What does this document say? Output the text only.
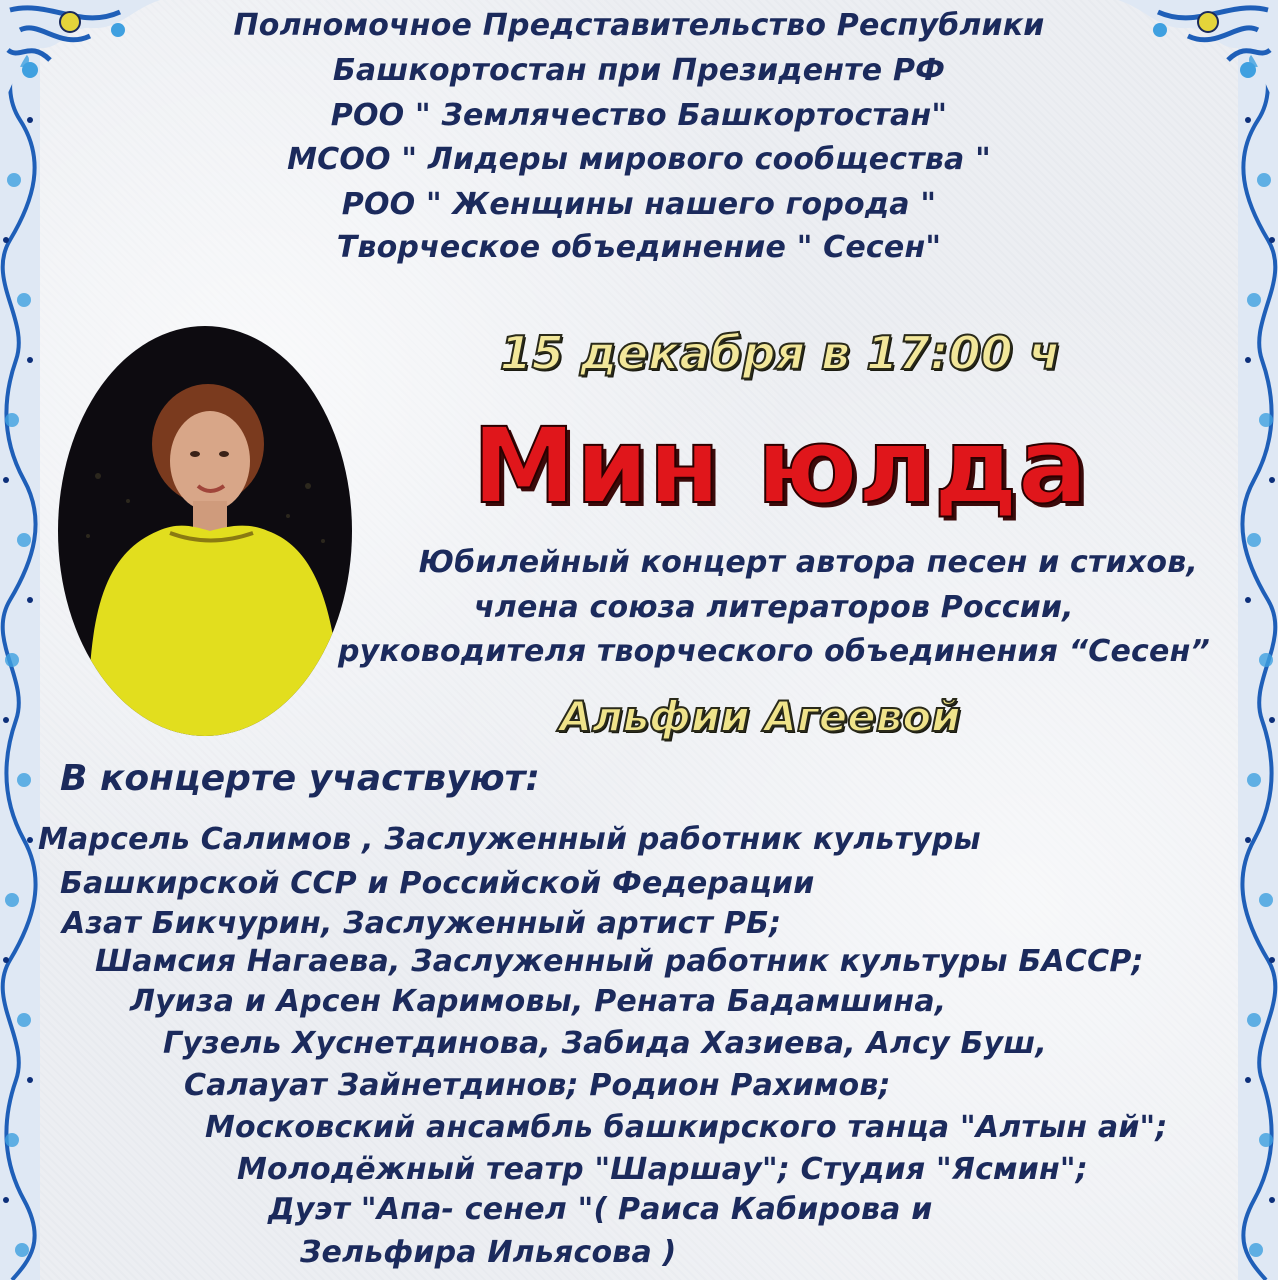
Полномочное Представительство Республики

Башкортостан при Президенте РФ

РОО " Землячество Башкортостан"

МСОО " Лидеры мирового сообщества "

РОО " Женщины нашего города "

Творческое объединение " Сесен"

15 декабря в 17:00 ч
Мин юлда

Юбилейный концерт автора песен и стихов,

члена союза литераторов России,

руководителя творческого объединения “Сесен”

Альфии Агеевой
В концерте участвуют:

Марсель Салимов , Заслуженный работник культуры

Башкирской ССР и Российской Федерации

Азат Бикчурин, Заслуженный артист РБ;

Шамсия Нагаева, Заслуженный работник культуры БАССР;

Луиза и Арсен Каримовы, Рената Бадамшина,

Гузель Хуснетдинова, Забида Хазиева, Алсу Буш,

Салауат Зайнетдинов; Родион Рахимов;

Московский ансамбль башкирского танца "Алтын ай";

Молодёжный театр "Шаршау"; Студия "Ясмин";

Дуэт "Апа- сенел "( Раиса Кабирова и

Зельфира Ильясова )
